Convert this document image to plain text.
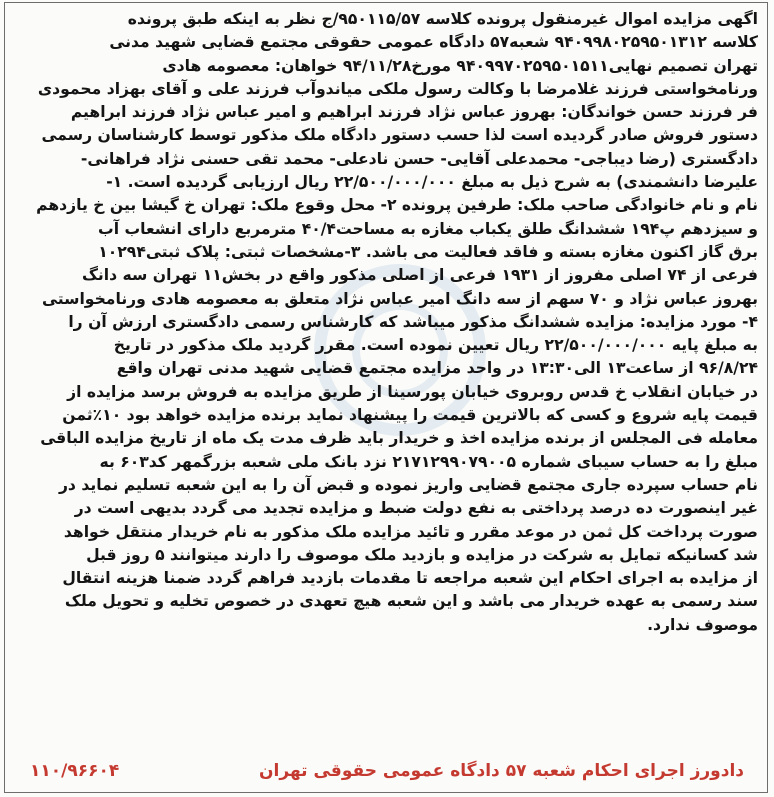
اگهی مزایده اموال غیرمنقول پرونده کلاسه ۹۵۰۱۱۵/۵۷/ج نظر به اینکه طبق پرونده
کلاسه ۹۴۰۹۹۸۰۲۵۹۵۰۱۳۱۲ شعبه۵۷ دادگاه عمومی حقوقی مجتمع قضایی شهید مدنی
تهران تصمیم نهایی۹۴۰۹۹۷۰۲۵۹۵۰۱۵۱۱ مورخ۹۴/۱۱/۲۸ خواهان: معصومه هادی
ورنامخواستی فرزند غلامرضا با وکالت رسول ملکی میاندوآب فرزند علی و آقای بهزاد محمودی
فر فرزند حسن خواندگان: بهروز عباس نژاد فرزند ابراهیم و امیر عباس نژاد فرزند ابراهیم
دستور فروش صادر گردیده است لذا حسب دستور دادگاه ملک مذکور توسط کارشناسان رسمی
دادگستری (رضا دیباجی- محمدعلی آقایی- حسن نادعلی- محمد تقی حسنی نژاد فراهانی-
علیرضا دانشمندی) به شرح ذیل به مبلغ ۲۲/۵۰۰/۰۰۰/۰۰۰ ریال ارزیابی گردیده است. ۱-
نام و نام خانوادگی صاحب ملک: طرفین پرونده ۲- محل وقوع ملک: تهران خ گیشا بین خ یازدهم
و سیزدهم پ۱۹۴ ششدانگ طلق یکباب مغازه به مساحت۴۰/۴ مترمربع دارای انشعاب آب
برق گاز اکنون مغازه بسته و فاقد فعالیت می باشد. ۳-مشخصات ثبتی: پلاک ثبتی۱۰۲۹۴
فرعی از ۷۴ اصلی مفروز از ۱۹۳۱ فرعی از اصلی مذکور واقع در بخش۱۱ تهران سه دانگ
بهروز عباس نژاد و ۷۰ سهم از سه دانگ امیر عباس نژاد متعلق به معصومه هادی ورنامخواستی
۴- مورد مزایده: مزایده ششدانگ مذکور میباشد که کارشناس رسمی دادگستری ارزش آن را
به مبلغ پایه ۲۲/۵۰۰/۰۰۰/۰۰۰ ریال تعیین نموده است. مقرر گردید ملک مذکور در تاریخ
۹۶/۸/۲۴ از ساعت۱۳ الی۱۳:۳۰ در واحد مزایده مجتمع قضایی شهید مدنی تهران واقع
در خیابان انقلاب خ قدس روبروی خیابان پورسینا از طریق مزایده به فروش برسد مزایده از
قیمت پایه شروع و کسی که بالاترین قیمت را پیشنهاد نماید برنده مزایده خواهد بود ۱۰٪ثمن
معامله فی المجلس از برنده مزایده اخذ و خریدار باید ظرف مدت یک ماه از تاریخ مزایده الباقی
مبلغ را به حساب سیبای شماره ۲۱۷۱۲۹۹۰۷۹۰۰۵ نزد بانک ملی شعبه بزرگمهر کد۶۰۳ به
نام حساب سپرده جاری مجتمع قضایی واریز نموده و قبض آن را به این شعبه تسلیم نماید در
غیر اینصورت ده درصد پرداختی به نفع دولت ضبط و مزایده تجدید می گردد بدیهی است در
صورت پرداخت کل ثمن در موعد مقرر و تائید مزایده ملک مذکور به نام خریدار منتقل خواهد
شد کسانیکه تمایل به شرکت در مزایده و بازدید ملک موصوف را دارند میتوانند ۵ روز قبل
از مزایده به اجرای احکام این شعبه مراجعه تا مقدمات بازدید فراهم گردد ضمنا هزینه انتقال
سند رسمی به عهده خریدار می باشد و این شعبه هیچ تعهدی در خصوص تخلیه و تحویل ملک
موصوف ندارد.
دادورز اجرای احکام شعبه ۵۷ دادگاه عمومی حقوقی تهران
۱۱۰/۹۶۶۰۴
